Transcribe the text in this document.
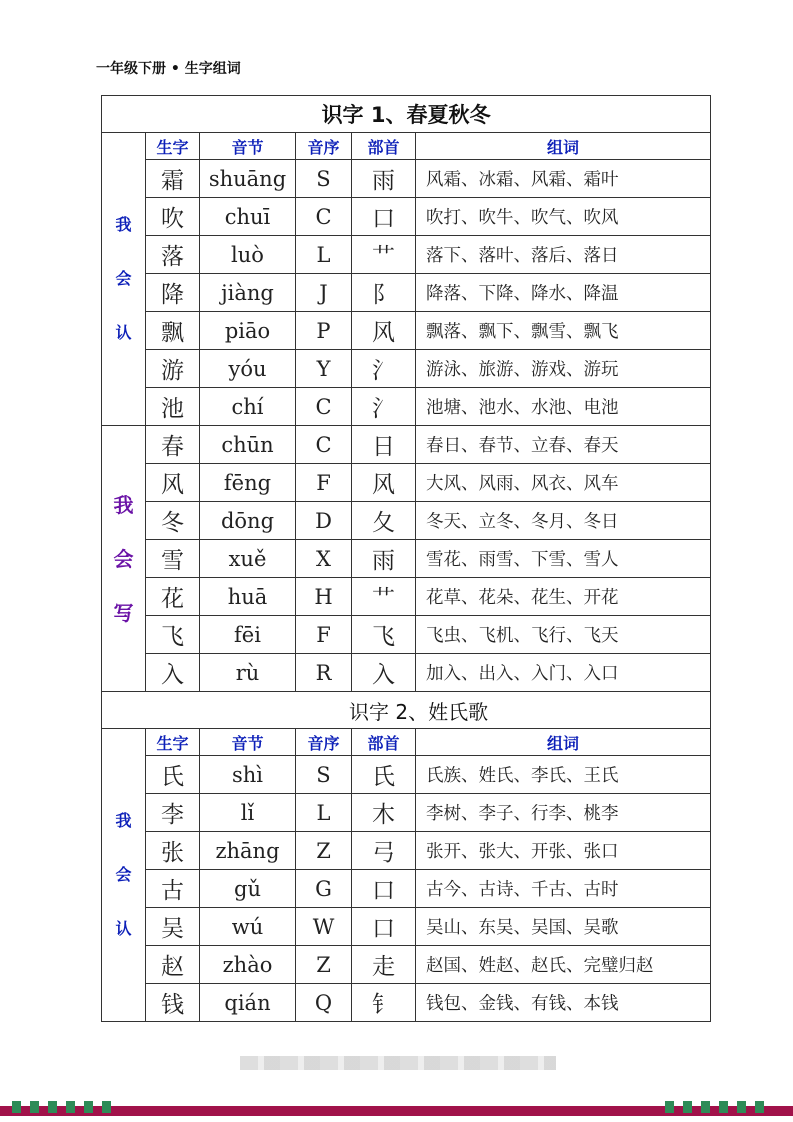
一年级下册 • 生字组词
识字 1、春夏秋冬					

我
会
认	生字	音节	音序	部首	组词
	霜	shuāng	S	雨	风霜、冰霜、风霜、霜叶
	吹	chuī	C	口	吹打、吹牛、吹气、吹风
	落	luò	L	艹	落下、落叶、落后、落日
	降	jiàng	J	阝	降落、下降、降水、降温
	飘	piāo	P	风	飘落、飘下、飘雪、飘飞
	游	yóu	Y	氵	游泳、旅游、游戏、游玩
	池	chí	C	氵	池塘、池水、水池、电池

我
会
写	春	chūn	C	日	春日、春节、立春、春天
	风	fēng	F	风	大风、风雨、风衣、风车
	冬	dōng	D	夂	冬天、立冬、冬月、冬日
	雪	xuě	X	雨	雪花、雨雪、下雪、雪人
	花	huā	H	艹	花草、花朵、花生、开花
	飞	fēi	F	飞	飞虫、飞机、飞行、飞天
	入	rù	R	入	加入、出入、入门、入口
识字 2、姓氏歌					

我
会
认	生字	音节	音序	部首	组词
	氏	shì	S	氏	氏族、姓氏、李氏、王氏
	李	lǐ	L	木	李树、李子、行李、桃李
	张	zhāng	Z	弓	张开、张大、开张、张口
	古	gǔ	G	口	古今、古诗、千古、古时
	吴	wú	W	口	吴山、东吴、吴国、吴歌
	赵	zhào	Z	走	赵国、姓赵、赵氏、完璧归赵
	钱	qián	Q	钅	钱包、金钱、有钱、本钱
